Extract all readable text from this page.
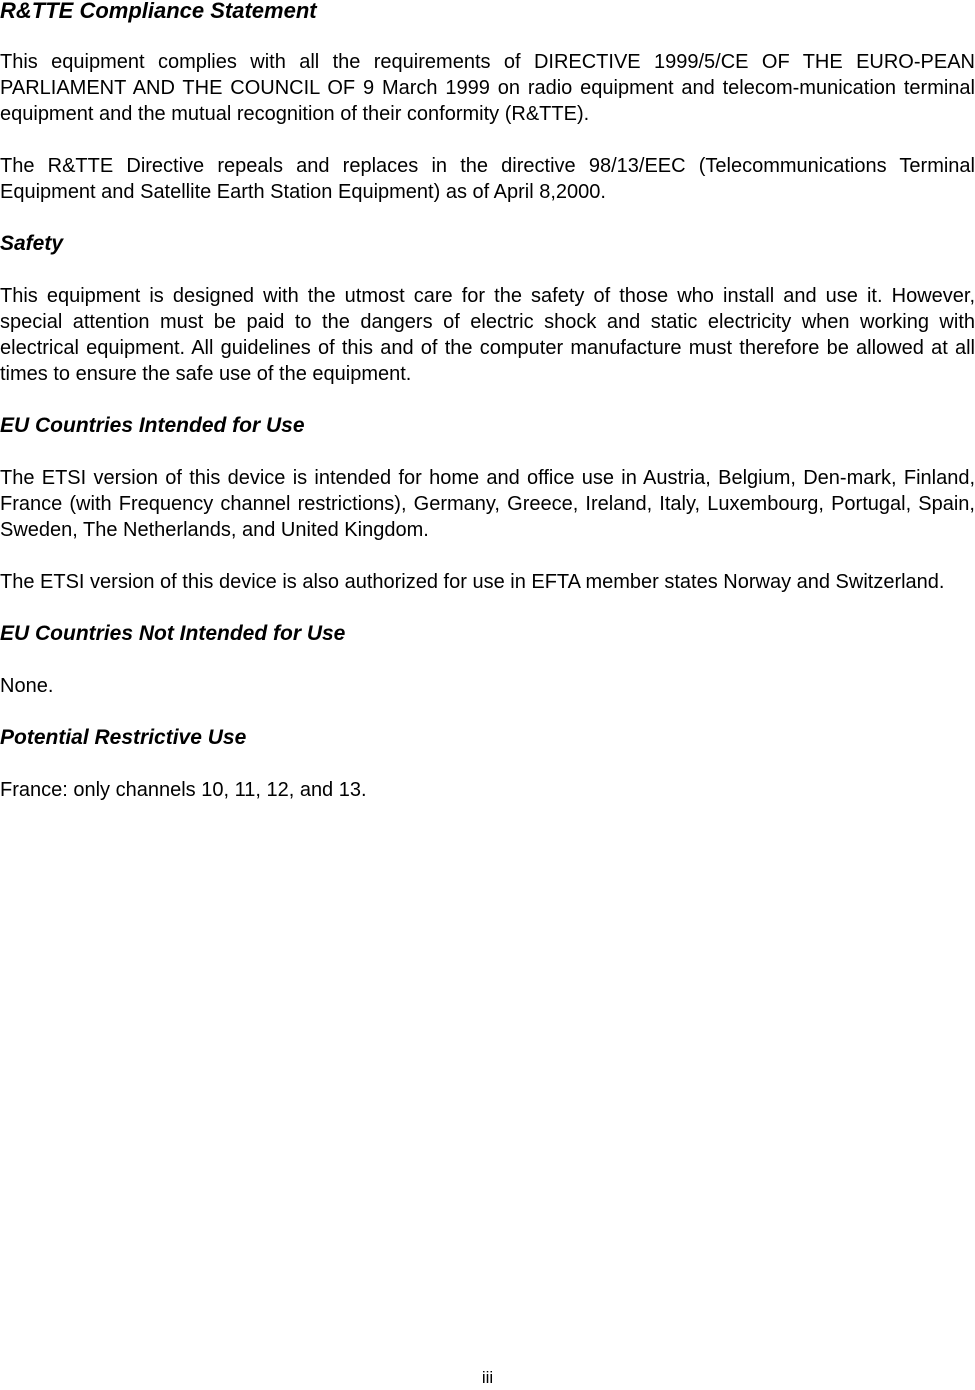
R&TTE Compliance Statement

This equipment complies with all the requirements of DIRECTIVE 1999/5/CE OF THE EURO-PEAN PARLIAMENT AND THE COUNCIL OF 9 March 1999 on radio equipment and telecom-munication terminal equipment and the mutual recognition of their conformity (R&TTE).

The R&TTE Directive repeals and replaces in the directive 98/13/EEC (Telecommunications Terminal Equipment and Satellite Earth Station Equipment) as of April 8,2000.

Safety

This equipment is designed with the utmost care for the safety of those who install and use it. However, special attention must be paid to the dangers of electric shock and static electricity when working with electrical equipment. All guidelines of this and of the computer manufacture must therefore be allowed at all times to ensure the safe use of the equipment.

EU Countries Intended for Use

The ETSI version of this device is intended for home and office use in Austria, Belgium, Den-mark, Finland, France (with Frequency channel restrictions), Germany, Greece, Ireland, Italy, Luxembourg, Portugal, Spain, Sweden, The Netherlands, and United Kingdom.

The ETSI version of this device is also authorized for use in EFTA member states Norway and Switzerland.

EU Countries Not Intended for Use

None.

Potential Restrictive Use

France: only channels 10, 11, 12, and 13.

iii
